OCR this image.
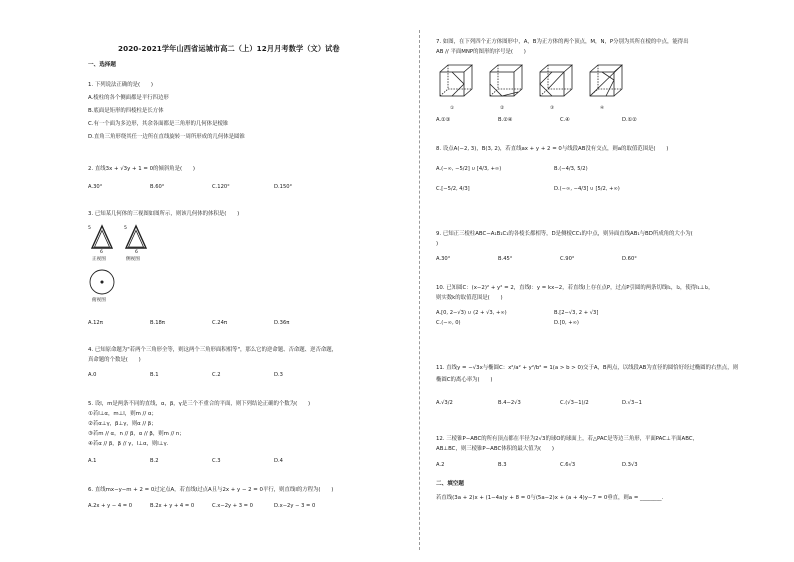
2020-2021学年山西省运城市高二（上）12月月考数学（文）试卷
一、选择题
1. 下列说法正确的是(　　)
A.棱柱的各个侧面都是平行四边形
B.底面是矩形的四棱柱是长方体
C.有一个面为多边形，其余各面都是三角形的几何体是棱锥
D.直角三角形绕其任一边所在直线旋转一周所形成的几何体是圆锥
2. 直线3x + √3y + 1 = 0的倾斜角是(　　)
A.30°	B.60°	C.120°	D.150°
3. 已知某几何体的三视图如图所示，则该几何体的体积是(　　)
5
6
5
6
正视图	侧视图
俯视图
A.12π	B.18π	C.24π	D.36π
4. 已知原命题为"若两个三角形全等，则这两个三角形面积相等"，那么它的逆命题、否命题、逆否命题，
真命题的个数是(　　)
A.0	B.1	C.2	D.3
5. 设l，m是两条不同的直线，α，β，γ是三个不重合的平面，则下列结论正确的个数为(　　)
①若l⊥α，m⊥l，则m // α；
②若α⊥γ，β⊥γ，则α // β；
③若m // α，n // β，α // β，则m // n；
④若α // β，β // γ，l⊥α，则l⊥γ.
A.1	B.2	C.3	D.4
6. 直线mx−y−m + 2 = 0过定点A，若直线l过点A且与2x + y − 2 = 0平行，则直线l的方程为(　　)
A.2x + y − 4 = 0	B.2x + y + 4 = 0	C.x−2y + 3 = 0	D.x−2y − 3 = 0
7. 如图，在下列四个正方体图形中，A，B为正方体的两个顶点，M，N，P分别为其所在棱的中点，能得出
AB // 平面MNP的图形的序号是(　　)
①	②	③	④
A.①③	B.②④	C.④	D.①②
8. 设点A(−2, 3)，B(3, 2)，若直线ax + y + 2 = 0与线段AB没有交点，则a的取值范围是(　　)
A.(−∞, −5/2] ∪ [4/3, +∞)	B.(−4/3, 5/2)
C.[−5/2, 4/3]	D.(−∞, −4/3] ∪ [5/2, +∞)
9. 已知正三棱柱ABC−A₁B₁C₁的各棱长都相等，D是侧棱CC₁的中点，则异面直线AB₁与BD所成角的大小为(
)
A.30°	B.45°	C.90°	D.60°
10. 已知圆C：(x−2)² + y² = 2，直线l：y = kx−2，若直线l上存在点P，过点P引圆的两条切线l₁，l₂，使得l₁⊥l₂，
则实数k的取值范围是(　　)
A.[0, 2−√3) ∪ (2 + √3, +∞)	B.[2−√3, 2 + √3]
C.(−∞, 0)	D.[0, +∞)
11. 直线y = −√3x与椭圆C：x²/a² + y²/b² = 1(a > b > 0)交于A，B两点，以线段AB为直径的圆恰好经过椭圆的右焦点，则
椭圆C的离心率为(　　)
A.√3/2	B.4−2√3	C.(√3−1)/2	D.√3−1
12. 三棱锥P−ABC的所有顶点都在半径为2√3的球O的球面上，若△PAC是等边三角形，平面PAC⊥平面ABC，
AB⊥BC，则三棱锥P−ABC体积的最大值为(　　)
A.2	B.3	C.6√3	D.3√3
二、填空题
若直线(3a + 2)x + (1−4a)y + 8 = 0与(5a−2)x + (a + 4)y−7 = 0垂直，则a = ________.
